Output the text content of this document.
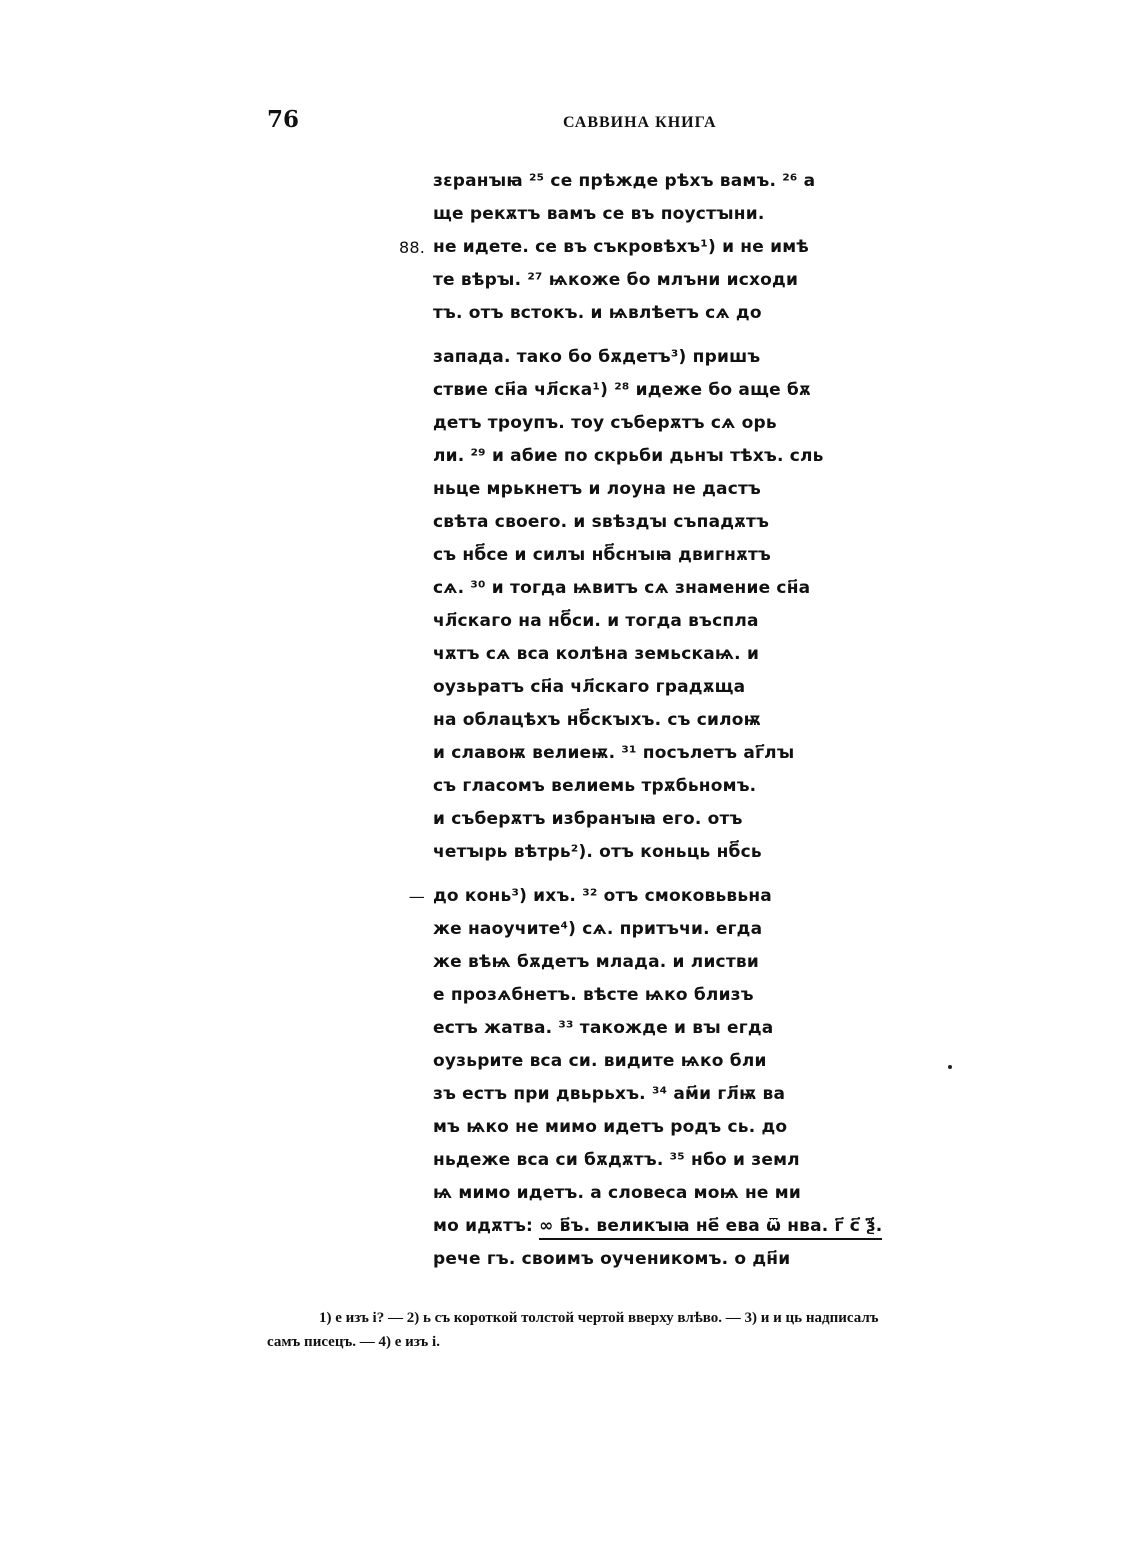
76	САВВИНА КНИГА
зԑранꙑꙗ ²⁵ се прѣжде рѣхъ вамъ. ²⁶ а
ще рекѫтъ вамъ се въ поустꙑни.
88. не идете. се въ съкровѣхъ¹) и не имѣ
те вѣрꙑ. ²⁷ ѩкоже бо млъни исходи
тъ. отъ встокъ. и ѩвлѣетъ сѧ до
запада. тако бо бѫдетъ³) пришъ
ствие сн҃а чл҃ска¹) ²⁸ идеже бо аще бѫ
детъ троупъ. тоу съберѫтъ сѧ орь
ли. ²⁹ и абие по скрьби дьнꙑ тѣхъ. сль
ньце мрькнетъ и лоуна не дастъ
свѣта своего. и ѕвѣздꙑ съпадѫтъ
съ нб҃се и силꙑ нб҃снꙑꙗ двигнѫтъ
сѧ. ³⁰ и тогда ѩвитъ сѧ знамение сн҃а
чл҃скаго на нб҃си. и тогда въспла
чѫтъ сѧ вса колѣна земьскаѩ. и
оузьратъ сн҃а чл҃скаго градѫща
на облацѣхъ нб҃скꙑхъ. съ силоѭ
и славоѭ велиеѭ. ³¹ посълетъ аг҃лꙑ
съ гласомъ велиемь трѫбьномъ.
и съберѫтъ избранꙑꙗ его. отъ
четꙑрь вѣтрь²). отъ коньць нб҃сь
— до конь³) ихъ. ³² отъ смоковьвьна
же наоучите⁴) сѧ. притъчи. егда
же вѣѩ бѫдетъ млада. и листви
е прозѧбнетъ. вѣсте ѩко близъ
естъ жатва. ³³ такожде и вꙑ егда
оузьрите вса си. видите ѩко бли
зъ естъ при двьрьхъ. ³⁴ ам҃и гл҃ѭ ва
мъ ѩко не мимо идетъ родъ сь. до
ньдеже вса си бѫдѫтъ. ³⁵ нбо и земл
ѩ мимо идетъ. а словеса моѩ не ми
мо идѫтъ: ∞ в҃ъ. великꙑꙗ не҃ ева ѿ нва. г҃ с҃ ѯ҃.
рече гъ. своимъ оученикомъ. о дн҃и
1) е изъ і? — 2) ь съ короткой толстой чертой вверху влѣво. — 3) и и ць надписалъ
самъ писецъ. — 4) е изъ і.
